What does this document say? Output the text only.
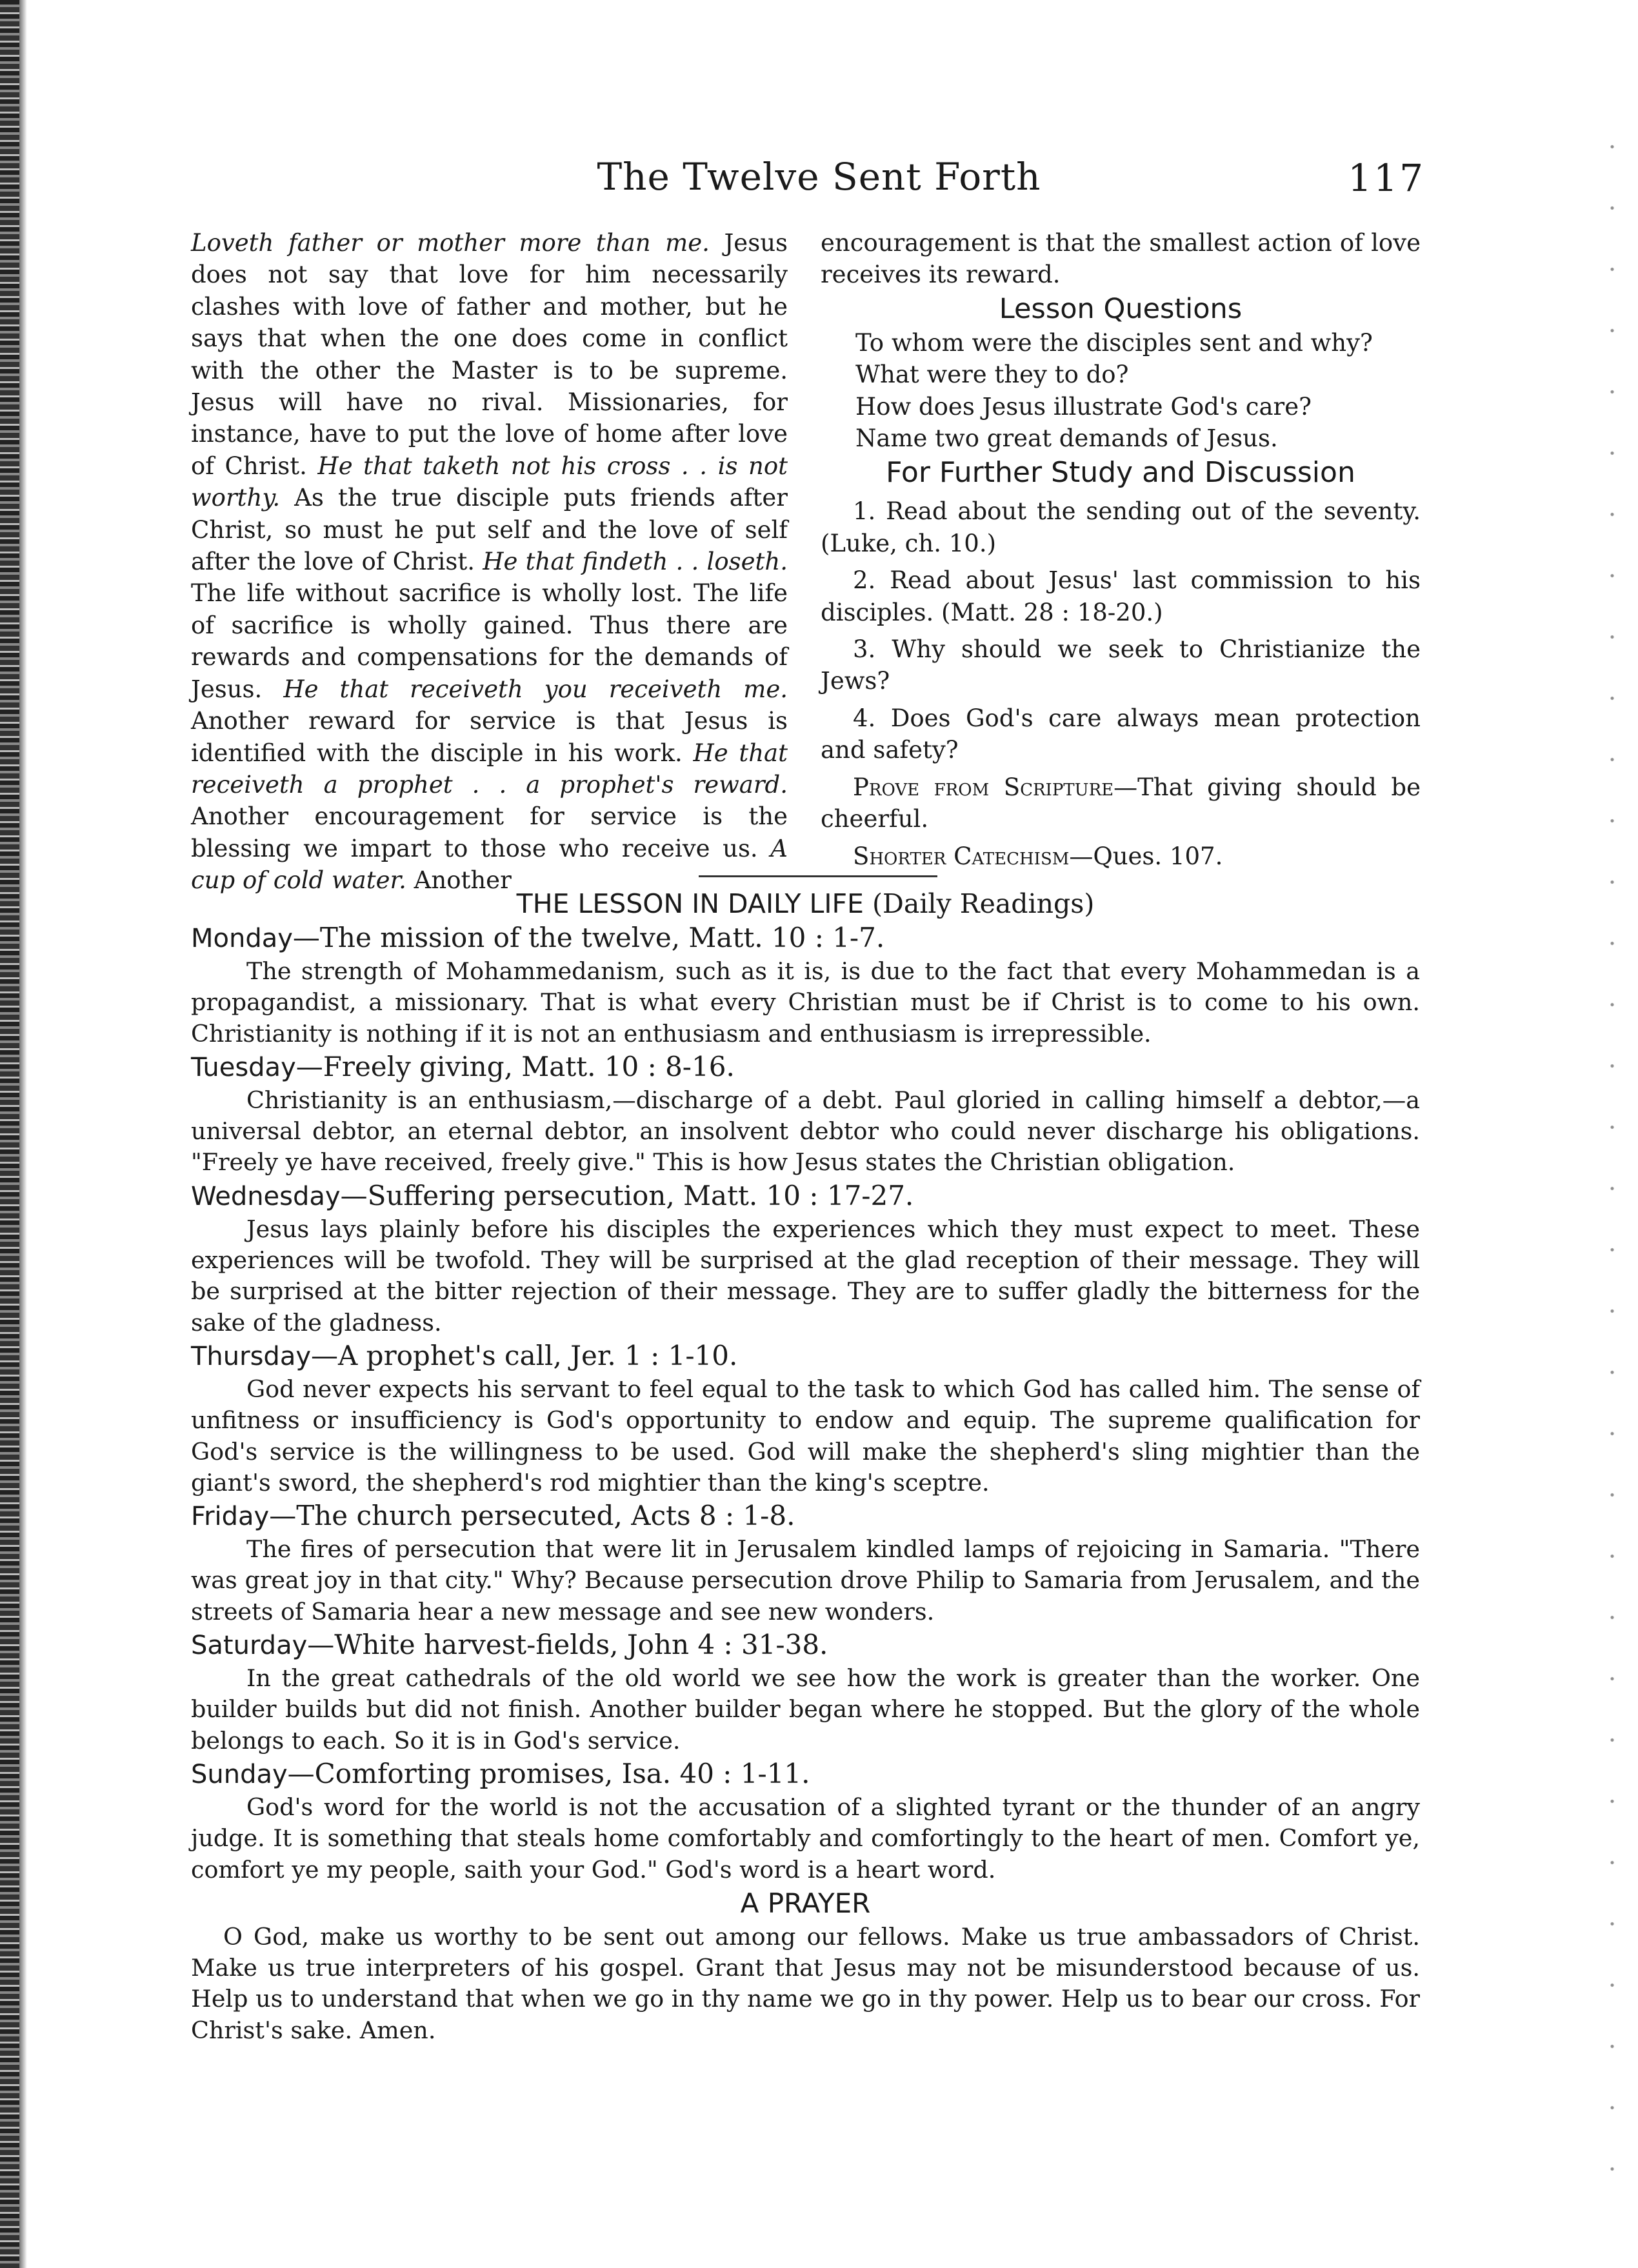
The Twelve Sent Forth	117

Loveth father or mother more than me. Jesus does not say that love for him necessarily clashes with love of father and mother, but he says that when the one does come in conflict with the other the Master is to be supreme. Jesus will have no rival. Missionaries, for instance, have to put the love of home after love of Christ. He that taketh not his cross . . is not worthy. As the true disciple puts friends after Christ, so must he put self and the love of self after the love of Christ. He that findeth . . loseth. The life without sacrifice is wholly lost. The life of sacrifice is wholly gained. Thus there are rewards and compensations for the demands of Jesus. He that receiveth you receiveth me. Another reward for service is that Jesus is identified with the disciple in his work. He that receiveth a prophet . . a prophet's reward. Another encouragement for service is the blessing we impart to those who receive us. A cup of cold water. Another

encouragement is that the smallest action of love receives its reward.

Lesson Questions

To whom were the disciples sent and why?

What were they to do?

How does Jesus illustrate God's care?

Name two great demands of Jesus.

For Further Study and Discussion

1. Read about the sending out of the seventy. (Luke, ch. 10.)

2. Read about Jesus' last commission to his disciples. (Matt. 28 : 18-20.)

3. Why should we seek to Christianize the Jews?

4. Does God's care always mean protection and safety?

Prove from Scripture—That giving should be cheerful.

Shorter Catechism—Ques. 107.

THE LESSON IN DAILY LIFE (Daily Readings)
Monday—The mission of the twelve, Matt. 10 : 1-7.

The strength of Mohammedanism, such as it is, is due to the fact that every Mohammedan is a propagandist, a missionary. That is what every Christian must be if Christ is to come to his own. Christianity is nothing if it is not an enthusiasm and enthusiasm is irrepressible.

Tuesday—Freely giving, Matt. 10 : 8-16.

Christianity is an enthusiasm,—discharge of a debt. Paul gloried in calling himself a debtor,—a universal debtor, an eternal debtor, an insolvent debtor who could never discharge his obligations. "Freely ye have received, freely give." This is how Jesus states the Christian obligation.

Wednesday—Suffering persecution, Matt. 10 : 17-27.

Jesus lays plainly before his disciples the experiences which they must expect to meet. These experiences will be twofold. They will be surprised at the glad reception of their message. They will be surprised at the bitter rejection of their message. They are to suffer gladly the bitterness for the sake of the gladness.

Thursday—A prophet's call, Jer. 1 : 1-10.

God never expects his servant to feel equal to the task to which God has called him. The sense of unfitness or insufficiency is God's opportunity to endow and equip. The supreme qualification for God's service is the willingness to be used. God will make the shepherd's sling mightier than the giant's sword, the shepherd's rod mightier than the king's sceptre.

Friday—The church persecuted, Acts 8 : 1-8.

The fires of persecution that were lit in Jerusalem kindled lamps of rejoicing in Samaria. "There was great joy in that city." Why? Because persecution drove Philip to Samaria from Jerusalem, and the streets of Samaria hear a new message and see new wonders.

Saturday—White harvest-fields, John 4 : 31-38.

In the great cathedrals of the old world we see how the work is greater than the worker. One builder builds but did not finish. Another builder began where he stopped. But the glory of the whole belongs to each. So it is in God's service.

Sunday—Comforting promises, Isa. 40 : 1-11.

God's word for the world is not the accusation of a slighted tyrant or the thunder of an angry judge. It is something that steals home comfortably and comfortingly to the heart of men. Comfort ye, comfort ye my people, saith your God." God's word is a heart word.

A PRAYER

O God, make us worthy to be sent out among our fellows. Make us true ambassadors of Christ. Make us true interpreters of his gospel. Grant that Jesus may not be misunderstood because of us. Help us to understand that when we go in thy name we go in thy power. Help us to bear our cross. For Christ's sake. Amen.
